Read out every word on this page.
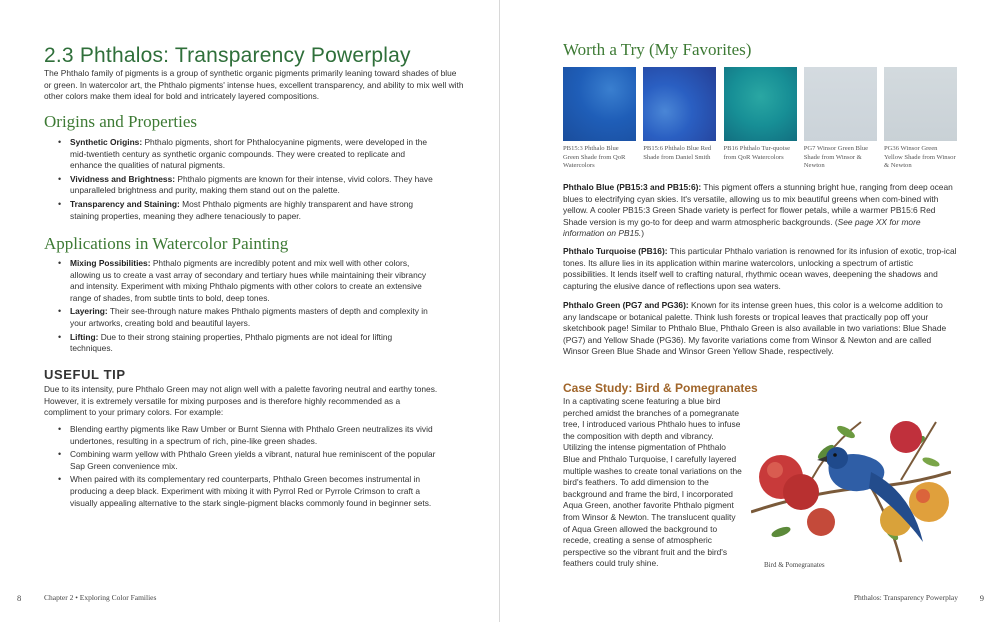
2.3 Phthalos: Transparency Powerplay

The Phthalo family of pigments is a group of synthetic organic pigments primarily leaning toward shades of blue or green. In watercolor art, the Phthalo pigments' intense hues, excellent transparency, and ability to mix well with other colors make them ideal for bold and intricately layered compositions.

Origins and Properties
• Synthetic Origins: Phthalo pigments, short for Phthalocyanine pigments, were developed in the mid-twentieth century as synthetic organic compounds. They were created to replicate and enhance the qualities of natural pigments.
• Vividness and Brightness: Phthalo pigments are known for their intense, vivid colors. They have unparalleled brightness and purity, making them stand out on the palette.
• Transparency and Staining: Most Phthalo pigments are highly transparent and have strong staining properties, meaning they adhere tenaciously to paper.
Applications in Watercolor Painting
• Mixing Possibilities: Phthalo pigments are incredibly potent and mix well with other colors, allowing us to create a vast array of secondary and tertiary hues while maintaining their vibrancy and intensity. Experiment with mixing Phthalo pigments with other colors to create an extensive range of shades, from subtle tints to bold, deep tones.
• Layering: Their see-through nature makes Phthalo pigments masters of depth and complexity in your artworks, creating bold and beautiful layers.
• Lifting: Due to their strong staining properties, Phthalo pigments are not ideal for lifting techniques.
USEFUL TIP

Due to its intensity, pure Phthalo Green may not align well with a palette favoring neutral and earthy tones. However, it is extremely versatile for mixing purposes and is therefore highly recommended as a compliment to your primary colors. For example:

• Blending earthy pigments like Raw Umber or Burnt Sienna with Phthalo Green neutralizes its vivid undertones, resulting in a spectrum of rich, pine-like green shades.
• Combining warm yellow with Phthalo Green yields a vibrant, natural hue reminiscent of the popular Sap Green convenience mix.
• When paired with its complementary red counterparts, Phthalo Green becomes instrumental in producing a deep black. Experiment with mixing it with Pyrrol Red or Pyrrole Crimson to craft a visually appealing alternative to the stark single-pigment blacks commonly found in beginner sets.
8	Chapter 2 • Exploring Color Families
Worth a Try (My Favorites)
PB15:3 Phthalo Blue Green Shade from QoR Watercolors
PB15:6 Phthalo Blue Red Shade from Daniel Smith
PB16 Phthalo Tur-quoise from QoR Watercolors
PG7 Winsor Green Blue Shade from Winsor & Newton
PG36 Winsor Green Yellow Shade from Winsor & Newton

Phthalo Blue (PB15:3 and PB15:6): This pigment offers a stunning bright hue, ranging from deep ocean blues to electrifying cyan skies. It's versatile, allowing us to mix beautiful greens when com-bined with yellow. A cooler PB15:3 Green Shade variety is perfect for flower petals, while a warmer PB15:6 Red Shade version is my go-to for deep and warm atmospheric backgrounds. (See page XX for more information on PB15.)

Phthalo Turquoise (PB16): This particular Phthalo variation is renowned for its infusion of exotic, trop-ical tones. Its allure lies in its application within marine watercolors, unlocking a spectrum of artistic possibilities. It lends itself well to crafting natural, rhythmic ocean waves, deepening the shadows and capturing the elusive dance of reflections upon sea waters.

Phthalo Green (PG7 and PG36): Known for its intense green hues, this color is a welcome addition to any landscape or botanical palette. Think lush forests or tropical leaves that practically pop off your sketchbook page! Similar to Phthalo Blue, Phthalo Green is also available in two variations: Blue Shade (PG7) and Yellow Shade (PG36). My favorite variations come from Winsor & Newton and are called Winsor Green Blue Shade and Winsor Green Yellow Shade, respectively.

Case Study: Bird & Pomegranates

In a captivating scene featuring a blue bird perched amidst the branches of a pomegranate tree, I introduced various Phthalo hues to infuse the composition with depth and vibrancy. Utilizing the intense pigmentation of Phthalo Blue and Phthalo Turquoise, I carefully layered multiple washes to create tonal variations on the bird's feathers. To add dimension to the background and frame the bird, I incorporated Aqua Green, another favorite Phthalo pigment from Winsor & Newton. The translucent quality of Aqua Green allowed the background to recede, creating a sense of atmospheric perspective so the vibrant fruit and the bird's feathers could truly shine.	Bird & Pomegranates
Phthalos: Transparency Powerplay	9
